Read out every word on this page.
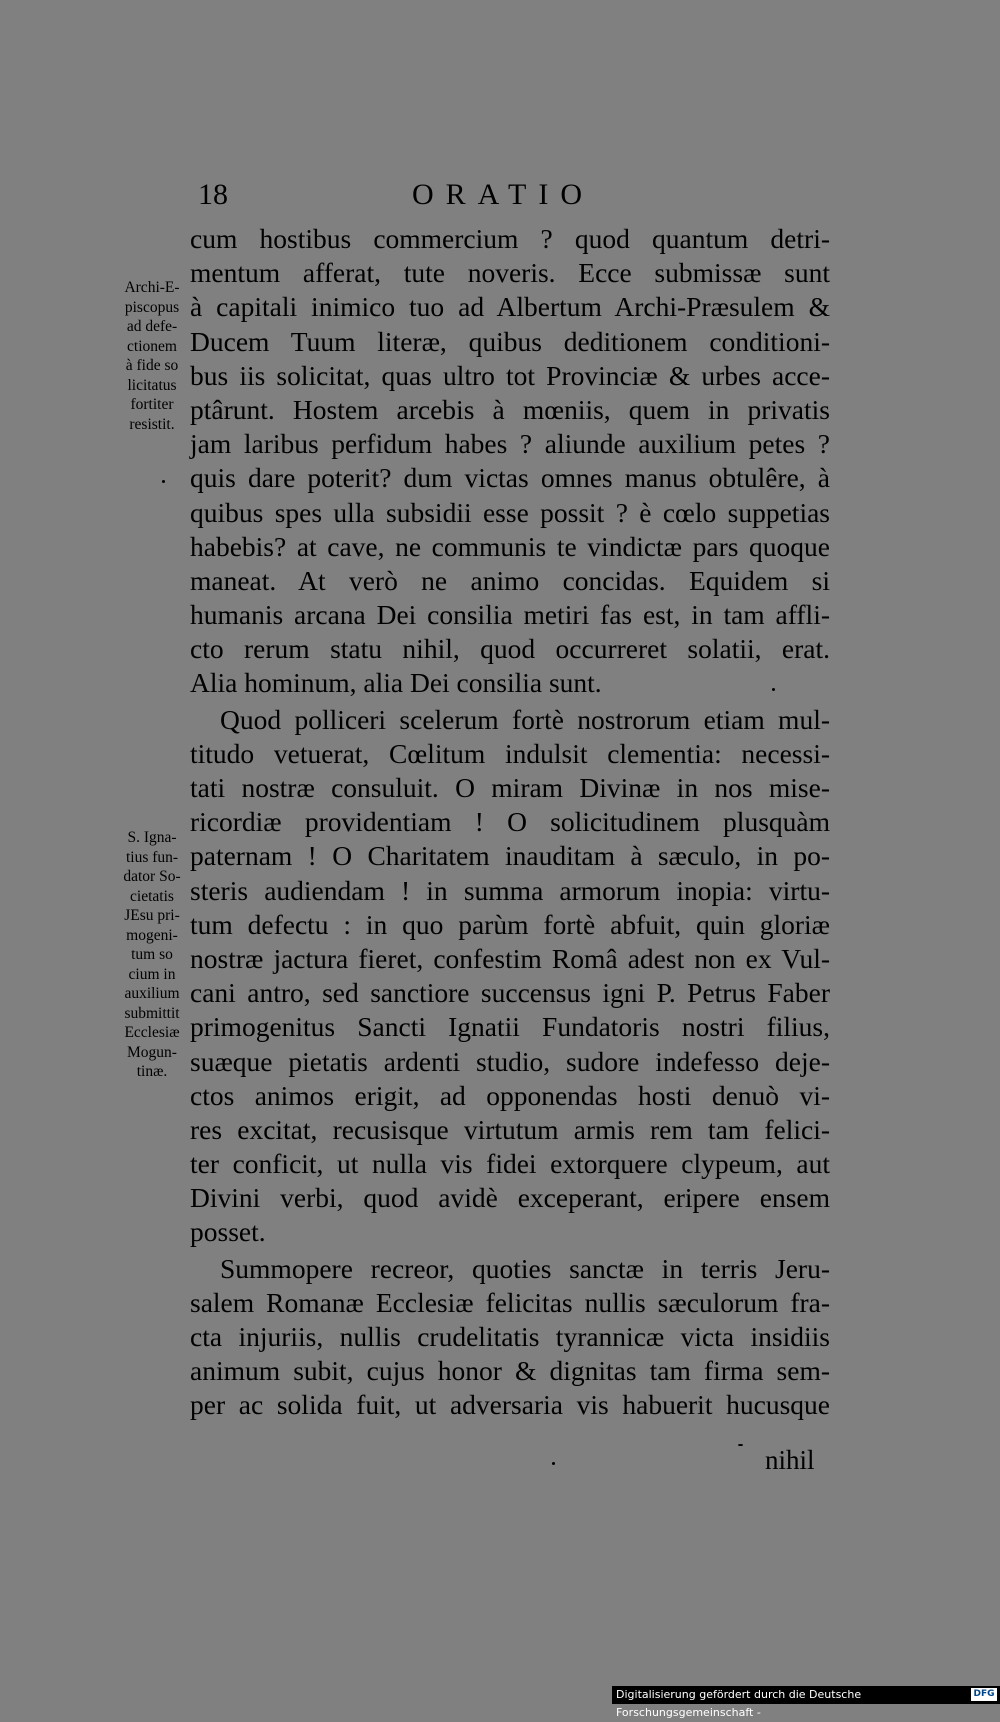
18	ORATIO
cum hostibus commercium ? quod quantum detri-
mentum afferat, tute noveris. Ecce submissæ sunt
à capitali inimico tuo ad Albertum Archi-Præsulem &
Ducem Tuum literæ, quibus deditionem conditioni-
bus iis solicitat, quas ultro tot Provinciæ & urbes acce-
ptârunt. Hostem arcebis à mœniis, quem in privatis
jam laribus perfidum habes ? aliunde auxilium petes ?
quis dare poterit? dum victas omnes manus obtulêre, à
quibus spes ulla subsidii esse possit ? è cœlo suppetias
habebis? at cave, ne communis te vindictæ pars quoque
maneat. At verò ne animo concidas. Equidem si
humanis arcana Dei consilia metiri fas est, in tam affli-
cto rerum statu nihil, quod occurreret solatii, erat.
Alia hominum, alia Dei consilia sunt.
Quod polliceri scelerum fortè nostrorum etiam mul-
titudo vetuerat, Cœlitum indulsit clementia: necessi-
tati nostræ consuluit. O miram Divinæ in nos mise-
ricordiæ providentiam ! O solicitudinem plusquàm
paternam ! O Charitatem inauditam à sæculo, in po-
steris audiendam ! in summa armorum inopia: virtu-
tum defectu : in quo parùm fortè abfuit, quin gloriæ
nostræ jactura fieret, confestim Româ adest non ex Vul-
cani antro, sed sanctiore succensus igni P. Petrus Faber
primogenitus Sancti Ignatii Fundatoris nostri filius,
suæque pietatis ardenti studio, sudore indefesso deje-
ctos animos erigit, ad opponendas hosti denuò vi-
res excitat, recusisque virtutum armis rem tam felici-
ter conficit, ut nulla vis fidei extorquere clypeum, aut
Divini verbi, quod avidè exceperant, eripere ensem
posset.
Summopere recreor, quoties sanctæ in terris Jeru-
salem Romanæ Ecclesiæ felicitas nullis sæculorum fra-
cta injuriis, nullis crudelitatis tyrannicæ victa insidiis
animum subit, cujus honor & dignitas tam firma sem-
per ac solida fuit, ut adversaria vis habuerit hucusque
Archi-E-
piscopus
ad defe-
ctionem
à fide so
licitatus
fortiter
resistit.
S. Igna-
tius fun-
dator So-
cietatis
JEsu pri-
mogeni-
tum so
cium in
auxilium
submittit
Ecclesiæ
Mogun-
tinæ.
nihil
Digitalisierung gefördert durch die Deutsche Forschungsgemeinschaft -
DFG
